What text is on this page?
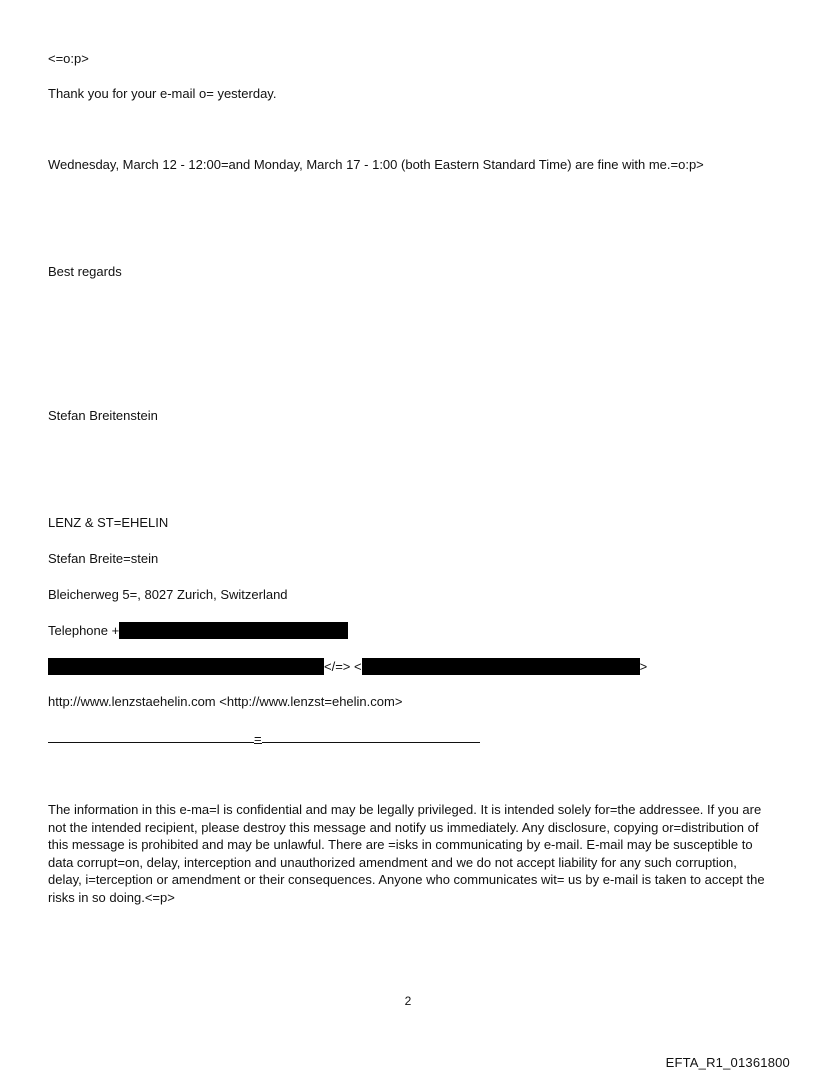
<=o:p>
Thank you for your e-mail o= yesterday.
Wednesday, March 12 - 12:00=and Monday, March 17 - 1:00 (both Eastern Standard Time) are fine with me.=o:p>
Best regards
Stefan Breitenstein
LENZ & ST=EHELIN
Stefan Breite=stein
Bleicherweg 5=, 8027 Zurich, Switzerland
Telephone +
</=> <	>
http://www.lenzstaehelin.com <http://www.lenzst=ehelin.com>
=
The information in this e-ma=l is confidential and may be legally privileged. It is intended solely for=the addressee. If you are not the intended recipient, please destroy this message and notify us immediately. Any disclosure, copying or=distribution of this message is prohibited and may be unlawful. There are =isks in communicating by e-mail. E-mail may be susceptible to data corrupt=on, delay, interception and unauthorized amendment and we do not accept liability for any such corruption, delay, i=terception or amendment or their consequences. Anyone who communicates wit= us by e-mail is taken to accept the risks in so doing.<=p>
2
EFTA_R1_01361800
